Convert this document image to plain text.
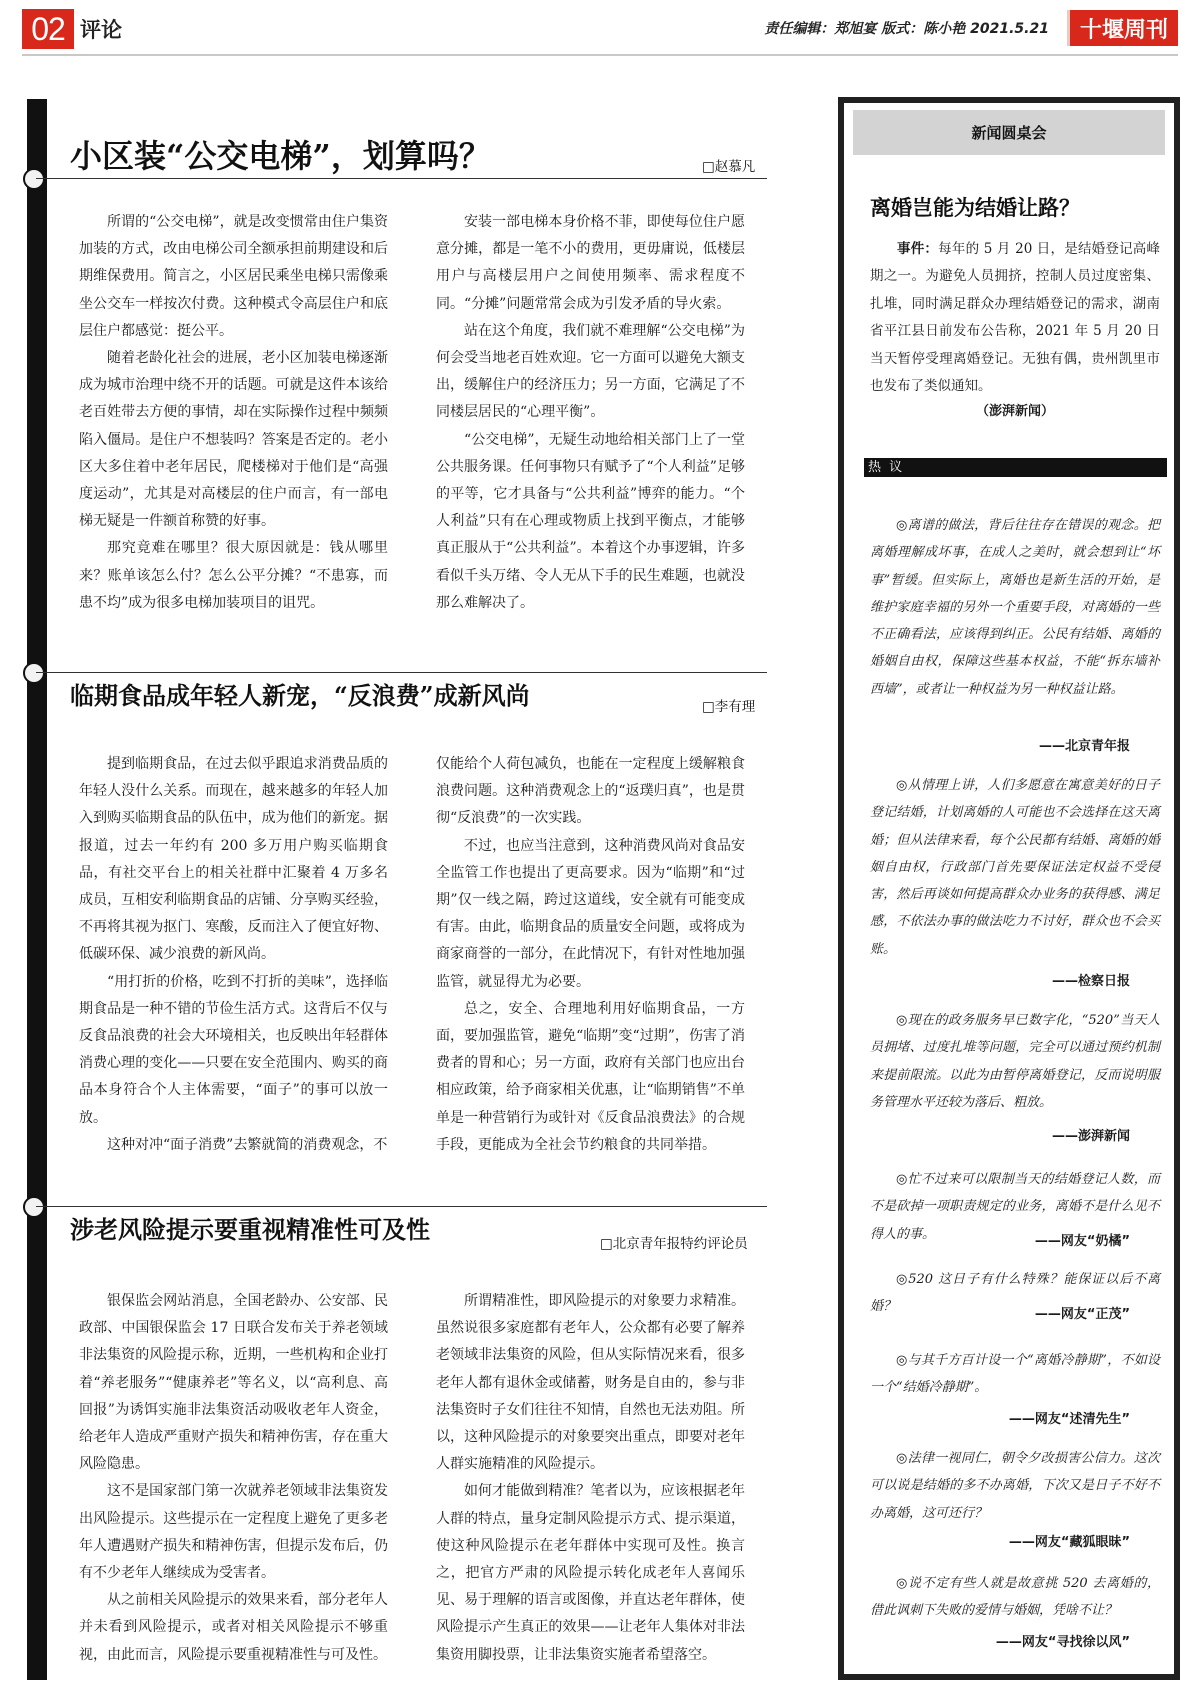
02 评论	责任编辑：郑旭宴 版式：陈小艳 2021.5.21	十堰周刊
小区装“公交电梯”，划算吗？	□赵慕凡

所谓的“公交电梯”，就是改变惯常由住户集资加装的方式，改由电梯公司全额承担前期建设和后期维保费用。简言之，小区居民乘坐电梯只需像乘坐公交车一样按次付费。这种模式令高层住户和底层住户都感觉：挺公平。

随着老龄化社会的进展，老小区加装电梯逐渐成为城市治理中绕不开的话题。可就是这件本该给老百姓带去方便的事情，却在实际操作过程中频频陷入僵局。是住户不想装吗？答案是否定的。老小区大多住着中老年居民，爬楼梯对于他们是“高强度运动”，尤其是对高楼层的住户而言，有一部电梯无疑是一件额首称赞的好事。

那究竟难在哪里？很大原因就是：钱从哪里来？账单该怎么付？怎么公平分摊？“不患寡，而患不均”成为很多电梯加装项目的诅咒。

安装一部电梯本身价格不菲，即使每位住户愿意分摊，都是一笔不小的费用，更毋庸说，低楼层用户与高楼层用户之间使用频率、需求程度不同。“分摊”问题常常会成为引发矛盾的导火索。

站在这个角度，我们就不难理解“公交电梯”为何会受当地老百姓欢迎。它一方面可以避免大额支出，缓解住户的经济压力；另一方面，它满足了不同楼层居民的“心理平衡”。

“公交电梯”，无疑生动地给相关部门上了一堂公共服务课。任何事物只有赋予了“个人利益”足够的平等，它才具备与“公共利益”博弈的能力。“个人利益”只有在心理或物质上找到平衡点，才能够真正服从于“公共利益”。本着这个办事逻辑，许多看似千头万绪、令人无从下手的民生难题，也就没那么难解决了。

临期食品成年轻人新宠，“反浪费”成新风尚	□李有理

提到临期食品，在过去似乎跟追求消费品质的年轻人没什么关系。而现在，越来越多的年轻人加入到购买临期食品的队伍中，成为他们的新宠。据报道，过去一年约有 200 多万用户购买临期食品，有社交平台上的相关社群中汇聚着 4 万多名成员，互相安利临期食品的店铺、分享购买经验，不再将其视为抠门、寒酸，反而注入了便宜好物、低碳环保、减少浪费的新风尚。

“用打折的价格，吃到不打折的美味”，选择临期食品是一种不错的节俭生活方式。这背后不仅与反食品浪费的社会大环境相关，也反映出年轻群体消费心理的变化——只要在安全范围内、购买的商品本身符合个人主体需要，“面子”的事可以放一放。

这种对冲“面子消费”去繁就简的消费观念，不

仅能给个人荷包减负，也能在一定程度上缓解粮食浪费问题。这种消费观念上的“返璞归真”，也是贯彻“反浪费”的一次实践。

不过，也应当注意到，这种消费风尚对食品安全监管工作也提出了更高要求。因为“临期”和“过期”仅一线之隔，跨过这道线，安全就有可能变成有害。由此，临期食品的质量安全问题，或将成为商家商誉的一部分，在此情况下，有针对性地加强监管，就显得尤为必要。

总之，安全、合理地利用好临期食品，一方面，要加强监管，避免“临期”变“过期”，伤害了消费者的胃和心；另一方面，政府有关部门也应出台相应政策，给予商家相关优惠，让“临期销售”不单单是一种营销行为或针对《反食品浪费法》的合规手段，更能成为全社会节约粮食的共同举措。

涉老风险提示要重视精准性可及性	□北京青年报特约评论员

银保监会网站消息，全国老龄办、公安部、民政部、中国银保监会 17 日联合发布关于养老领域非法集资的风险提示称，近期，一些机构和企业打着“养老服务”“健康养老”等名义，以“高利息、高回报”为诱饵实施非法集资活动吸收老年人资金，给老年人造成严重财产损失和精神伤害，存在重大风险隐患。

这不是国家部门第一次就养老领域非法集资发出风险提示。这些提示在一定程度上避免了更多老年人遭遇财产损失和精神伤害，但提示发布后，仍有不少老年人继续成为受害者。

从之前相关风险提示的效果来看，部分老年人并未看到风险提示，或者对相关风险提示不够重视，由此而言，风险提示要重视精准性与可及性。

所谓精准性，即风险提示的对象要力求精准。虽然说很多家庭都有老年人，公众都有必要了解养老领域非法集资的风险，但从实际情况来看，很多老年人都有退休金或储蓄，财务是自由的，参与非法集资时子女们往往不知情，自然也无法劝阻。所以，这种风险提示的对象要突出重点，即要对老年人群实施精准的风险提示。

如何才能做到精准？笔者以为，应该根据老年人群的特点，量身定制风险提示方式、提示渠道，使这种风险提示在老年群体中实现可及性。换言之，把官方严肃的风险提示转化成老年人喜闻乐见、易于理解的语言或图像，并直达老年群体，使风险提示产生真正的效果——让老年人集体对非法集资用脚投票，让非法集资实施者希望落空。

新闻圆桌会
离婚岂能为结婚让路？

事件：每年的 5 月 20 日，是结婚登记高峰期之一。为避免人员拥挤，控制人员过度密集、扎堆，同时满足群众办理结婚登记的需求，湖南省平江县日前发布公告称，2021 年 5 月 20 日当天暂停受理离婚登记。无独有偶，贵州凯里市也发布了类似通知。

（澎湃新闻）
热 议
◎离谱的做法，背后往往存在错误的观念。把离婚理解成坏事，在成人之美时，就会想到让“坏事”暂缓。但实际上，离婚也是新生活的开始，是维护家庭幸福的另外一个重要手段，对离婚的一些不正确看法，应该得到纠正。公民有结婚、离婚的婚姻自由权，保障这些基本权益，不能“拆东墙补西墙”，或者让一种权益为另一种权益让路。
——北京青年报
◎从情理上讲，人们多愿意在寓意美好的日子登记结婚，计划离婚的人可能也不会选择在这天离婚；但从法律来看，每个公民都有结婚、离婚的婚姻自由权，行政部门首先要保证法定权益不受侵害，然后再谈如何提高群众办业务的获得感、满足感，不依法办事的做法吃力不讨好，群众也不会买账。
——检察日报
◎现在的政务服务早已数字化，“520”当天人员拥堵、过度扎堆等问题，完全可以通过预约机制来提前限流。以此为由暂停离婚登记，反而说明服务管理水平还较为落后、粗放。
——澎湃新闻
◎忙不过来可以限制当天的结婚登记人数，而不是砍掉一项职责规定的业务，离婚不是什么见不得人的事。	——网友“奶橘”
◎520 这日子有什么特殊？能保证以后不离婚？
——网友“正茂”
◎与其千方百计设一个“离婚冷静期”，不如设一个“结婚冷静期”。
——网友“述清先生”
◎法律一视同仁，朝令夕改损害公信力。这次可以说是结婚的多不办离婚，下次又是日子不好不办离婚，这可还行？
——网友“藏狐眼昧”
◎说不定有些人就是故意挑 520 去离婚的，借此讽刺下失败的爱情与婚姻，凭啥不让？
——网友“寻找徐以风”
